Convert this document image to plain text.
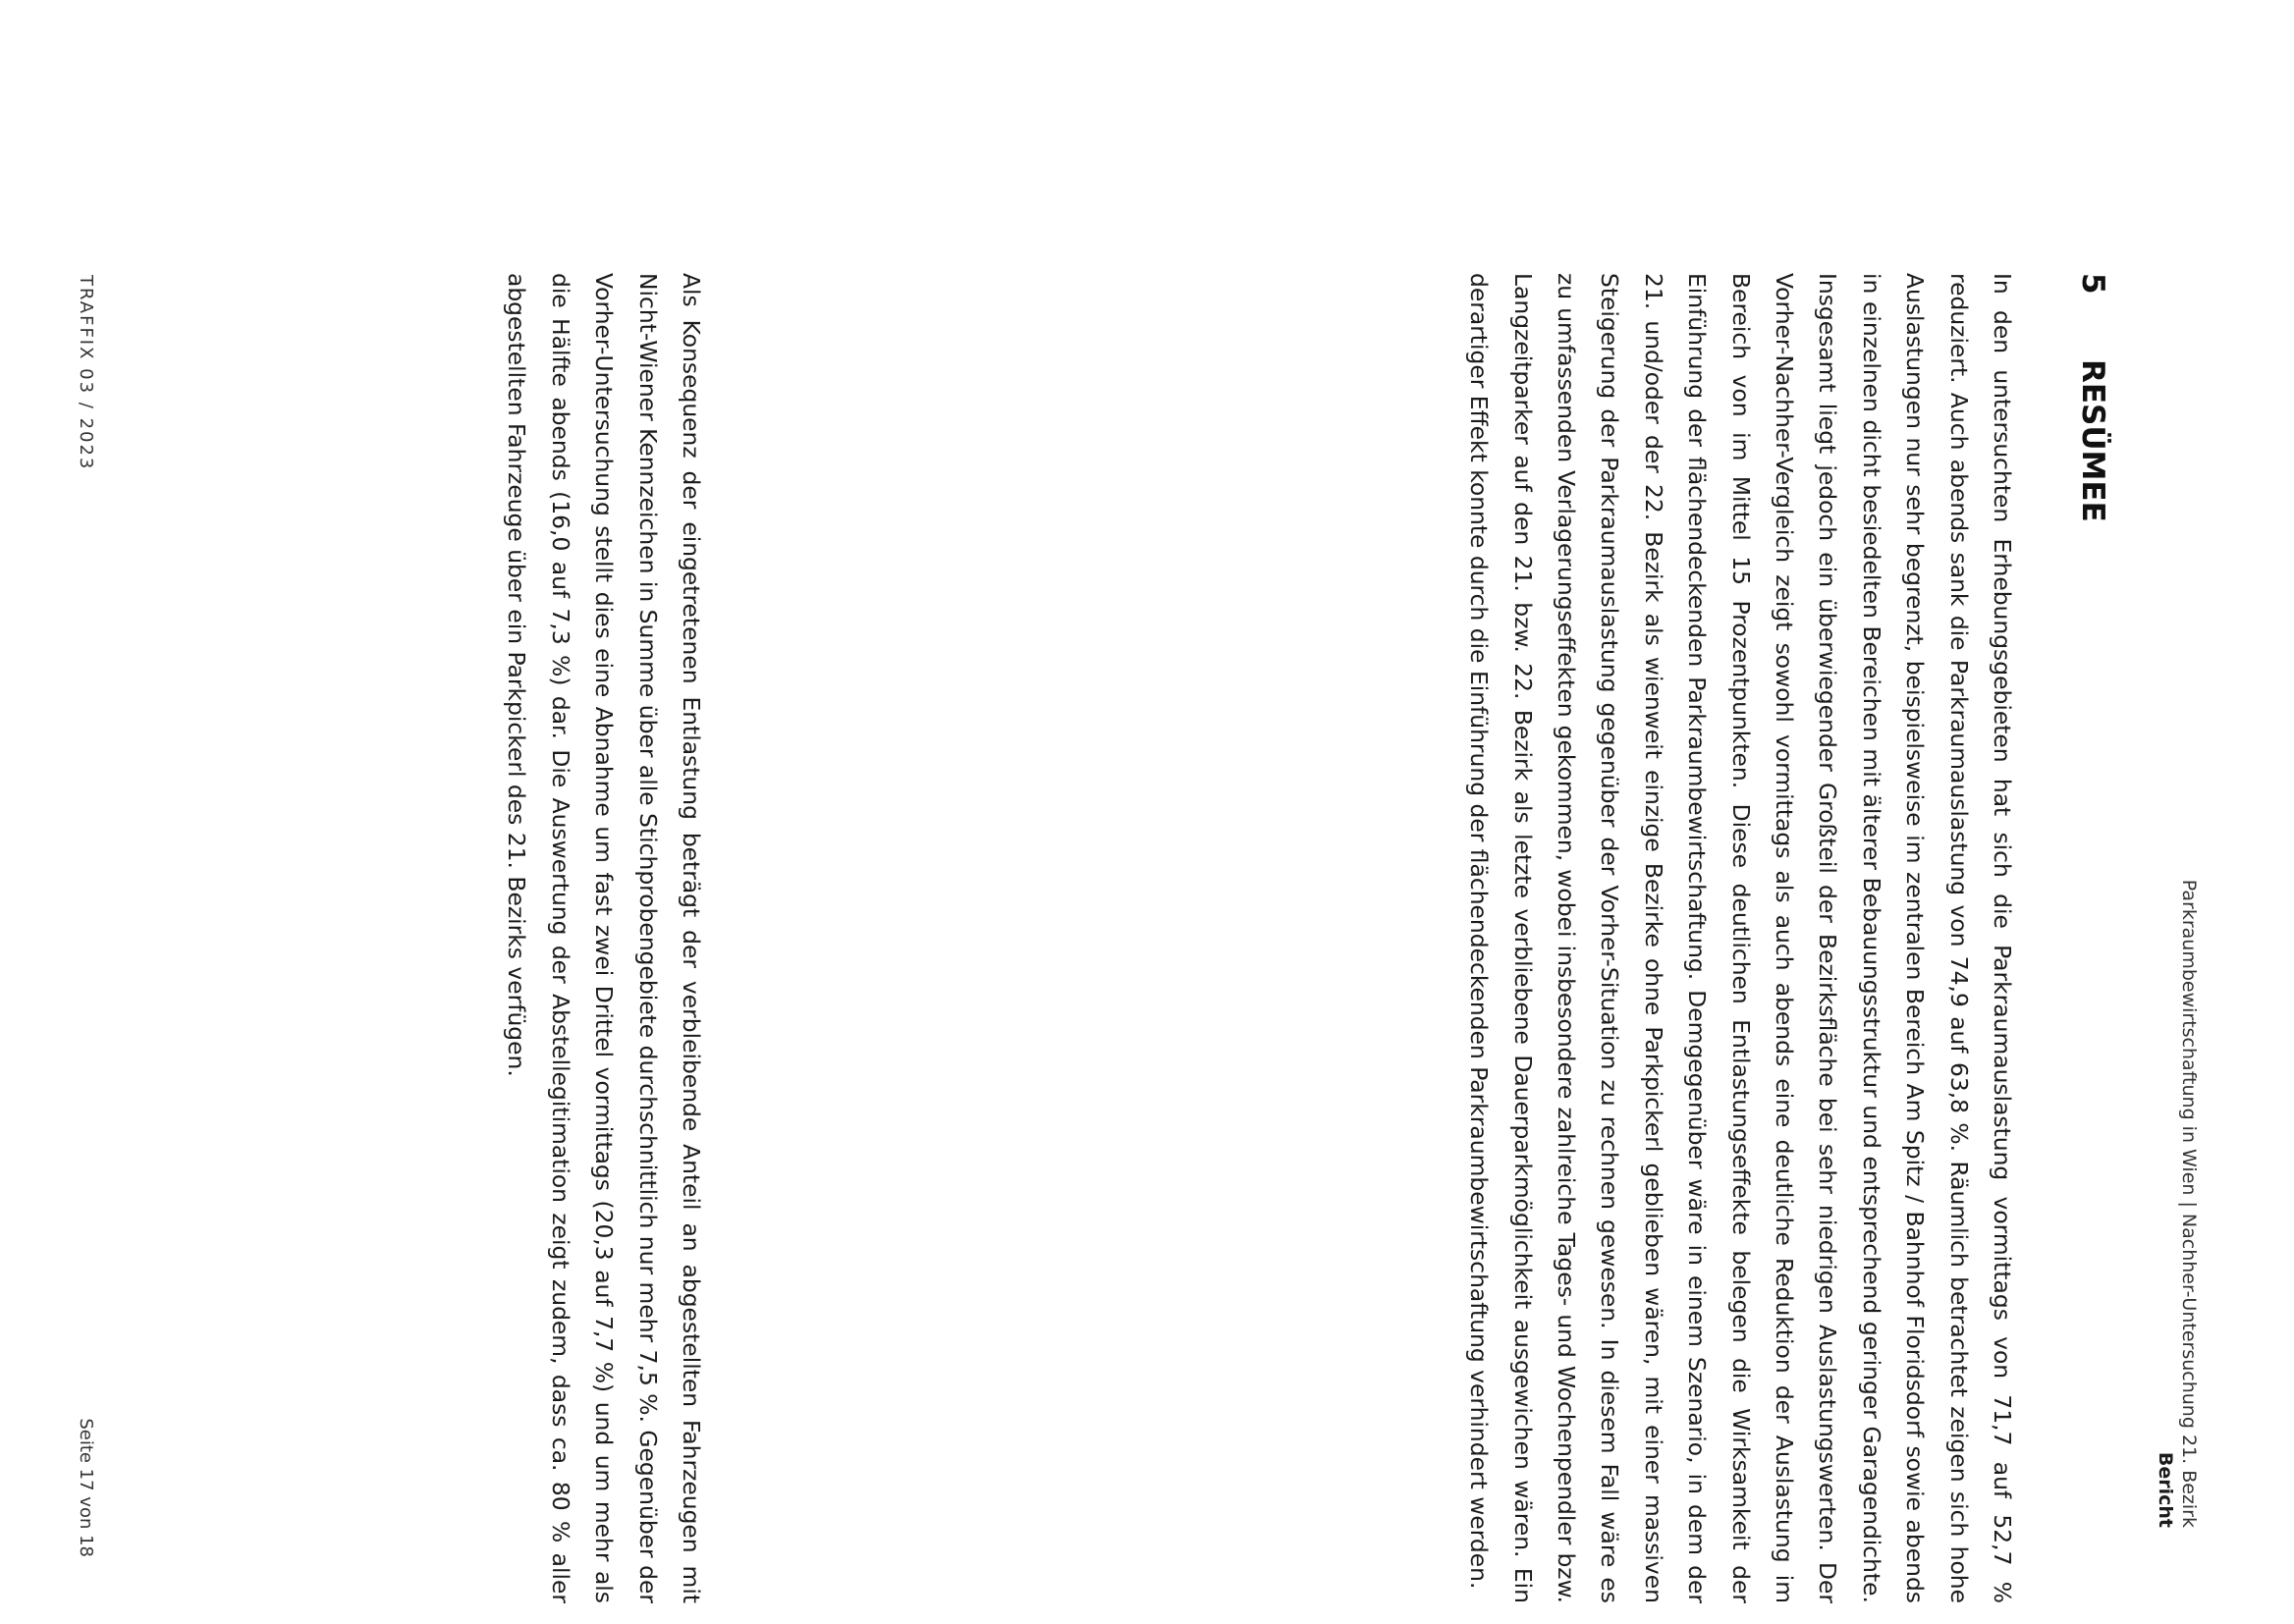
Parkraumbewirtschaftung in Wien | Nachher-Untersuchung 21. Bezirk
Bericht
5RESÜMEE

In den untersuchten Erhebungsgebieten hat sich die Parkraumauslastung vormittags von 71,7 auf 52,7 % reduziert. Auch abends sank die Parkraumauslastung von 74,9 auf 63,8 %. Räumlich betrachtet zeigen sich hohe Auslastungen nur sehr begrenzt, beispielsweise im zentralen Bereich Am Spitz / Bahnhof Floridsdorf sowie abends in einzelnen dicht besiedelten Bereichen mit älterer Bebauungsstruktur und entsprechend geringer Garagendichte. Insgesamt liegt jedoch ein überwiegender Großteil der Bezirksfläche bei sehr niedrigen Auslastungswerten. Der Vorher-Nachher-Vergleich zeigt sowohl vormittags als auch abends eine deutliche Reduktion der Auslastung im Bereich von im Mittel 15 Prozentpunkten. Diese deutlichen Entlastungseffekte belegen die Wirksamkeit der Einführung der flächendeckenden Parkraumbewirtschaftung. Demgegenüber wäre in einem Szenario, in dem der 21. und/oder der 22. Bezirk als wienweit einzige Bezirke ohne Parkpickerl geblieben wären, mit einer massiven Steigerung der Parkraumauslastung gegenüber der Vorher-Situation zu rechnen gewesen. In diesem Fall wäre es zu umfassenden Verlagerungseffekten gekommen, wobei insbesondere zahlreiche Tages- und Wochenpendler bzw. Langzeitparker auf den 21. bzw. 22. Bezirk als letzte verbliebene Dauerparkmöglichkeit ausgewichen wären. Ein derartiger Effekt konnte durch die Einführung der flächendeckenden Parkraumbewirtschaftung verhindert werden.

Als Konsequenz der eingetretenen Entlastung beträgt der verbleibende Anteil an abgestellten Fahrzeugen mit Nicht-Wiener Kennzeichen in Summe über alle Stichprobengebiete durchschnittlich nur mehr 7,5 %. Gegenüber der Vorher-Untersuchung stellt dies eine Abnahme um fast zwei Drittel vormittags (20,3 auf 7,7 %) und um mehr als die Hälfte abends (16,0 auf 7,3 %) dar. Die Auswertung der Abstellegitimation zeigt zudem, dass ca. 80 % aller abgestellten Fahrzeuge über ein Parkpickerl des 21. Bezirks verfügen.

TRAFFIX 03 / 2023
Seite 17 von 18
